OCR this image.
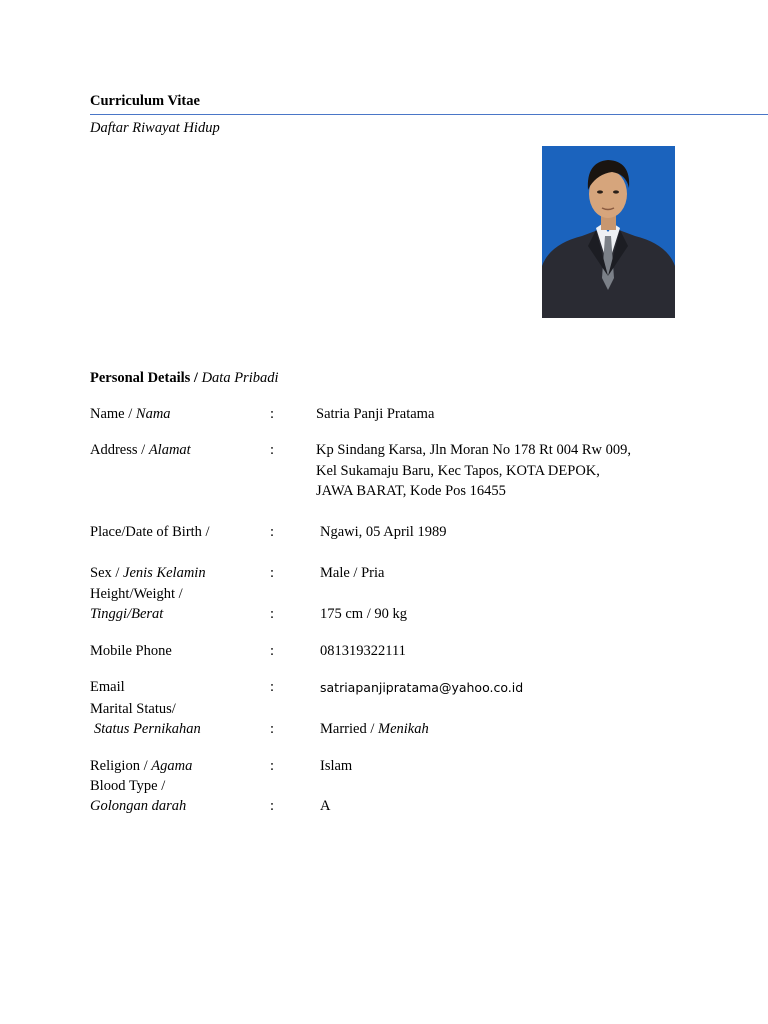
Curriculum Vitae
Daftar Riwayat Hidup
Personal Details / Data Pribadi
Name / Nama	:	Satria Panji Pratama
Address / Alamat	:	Kp Sindang Karsa, Jln Moran No 178 Rt 004 Rw 009,
Kel Sukamaju Baru, Kec Tapos, KOTA DEPOK,
JAWA BARAT, Kode Pos 16455
Place/Date of Birth /	:	Ngawi, 05 April 1989
Sex / Jenis Kelamin	:	Male / Pria
Height/Weight /
Tinggi/Berat	:	175 cm / 90 kg
Mobile Phone	:	081319322111
Email	:	satriapanjipratama@yahoo.co.id
Marital Status/
Status Pernikahan	:	Married / Menikah
Religion / Agama	:	Islam
Blood Type /
Golongan darah	:	A
